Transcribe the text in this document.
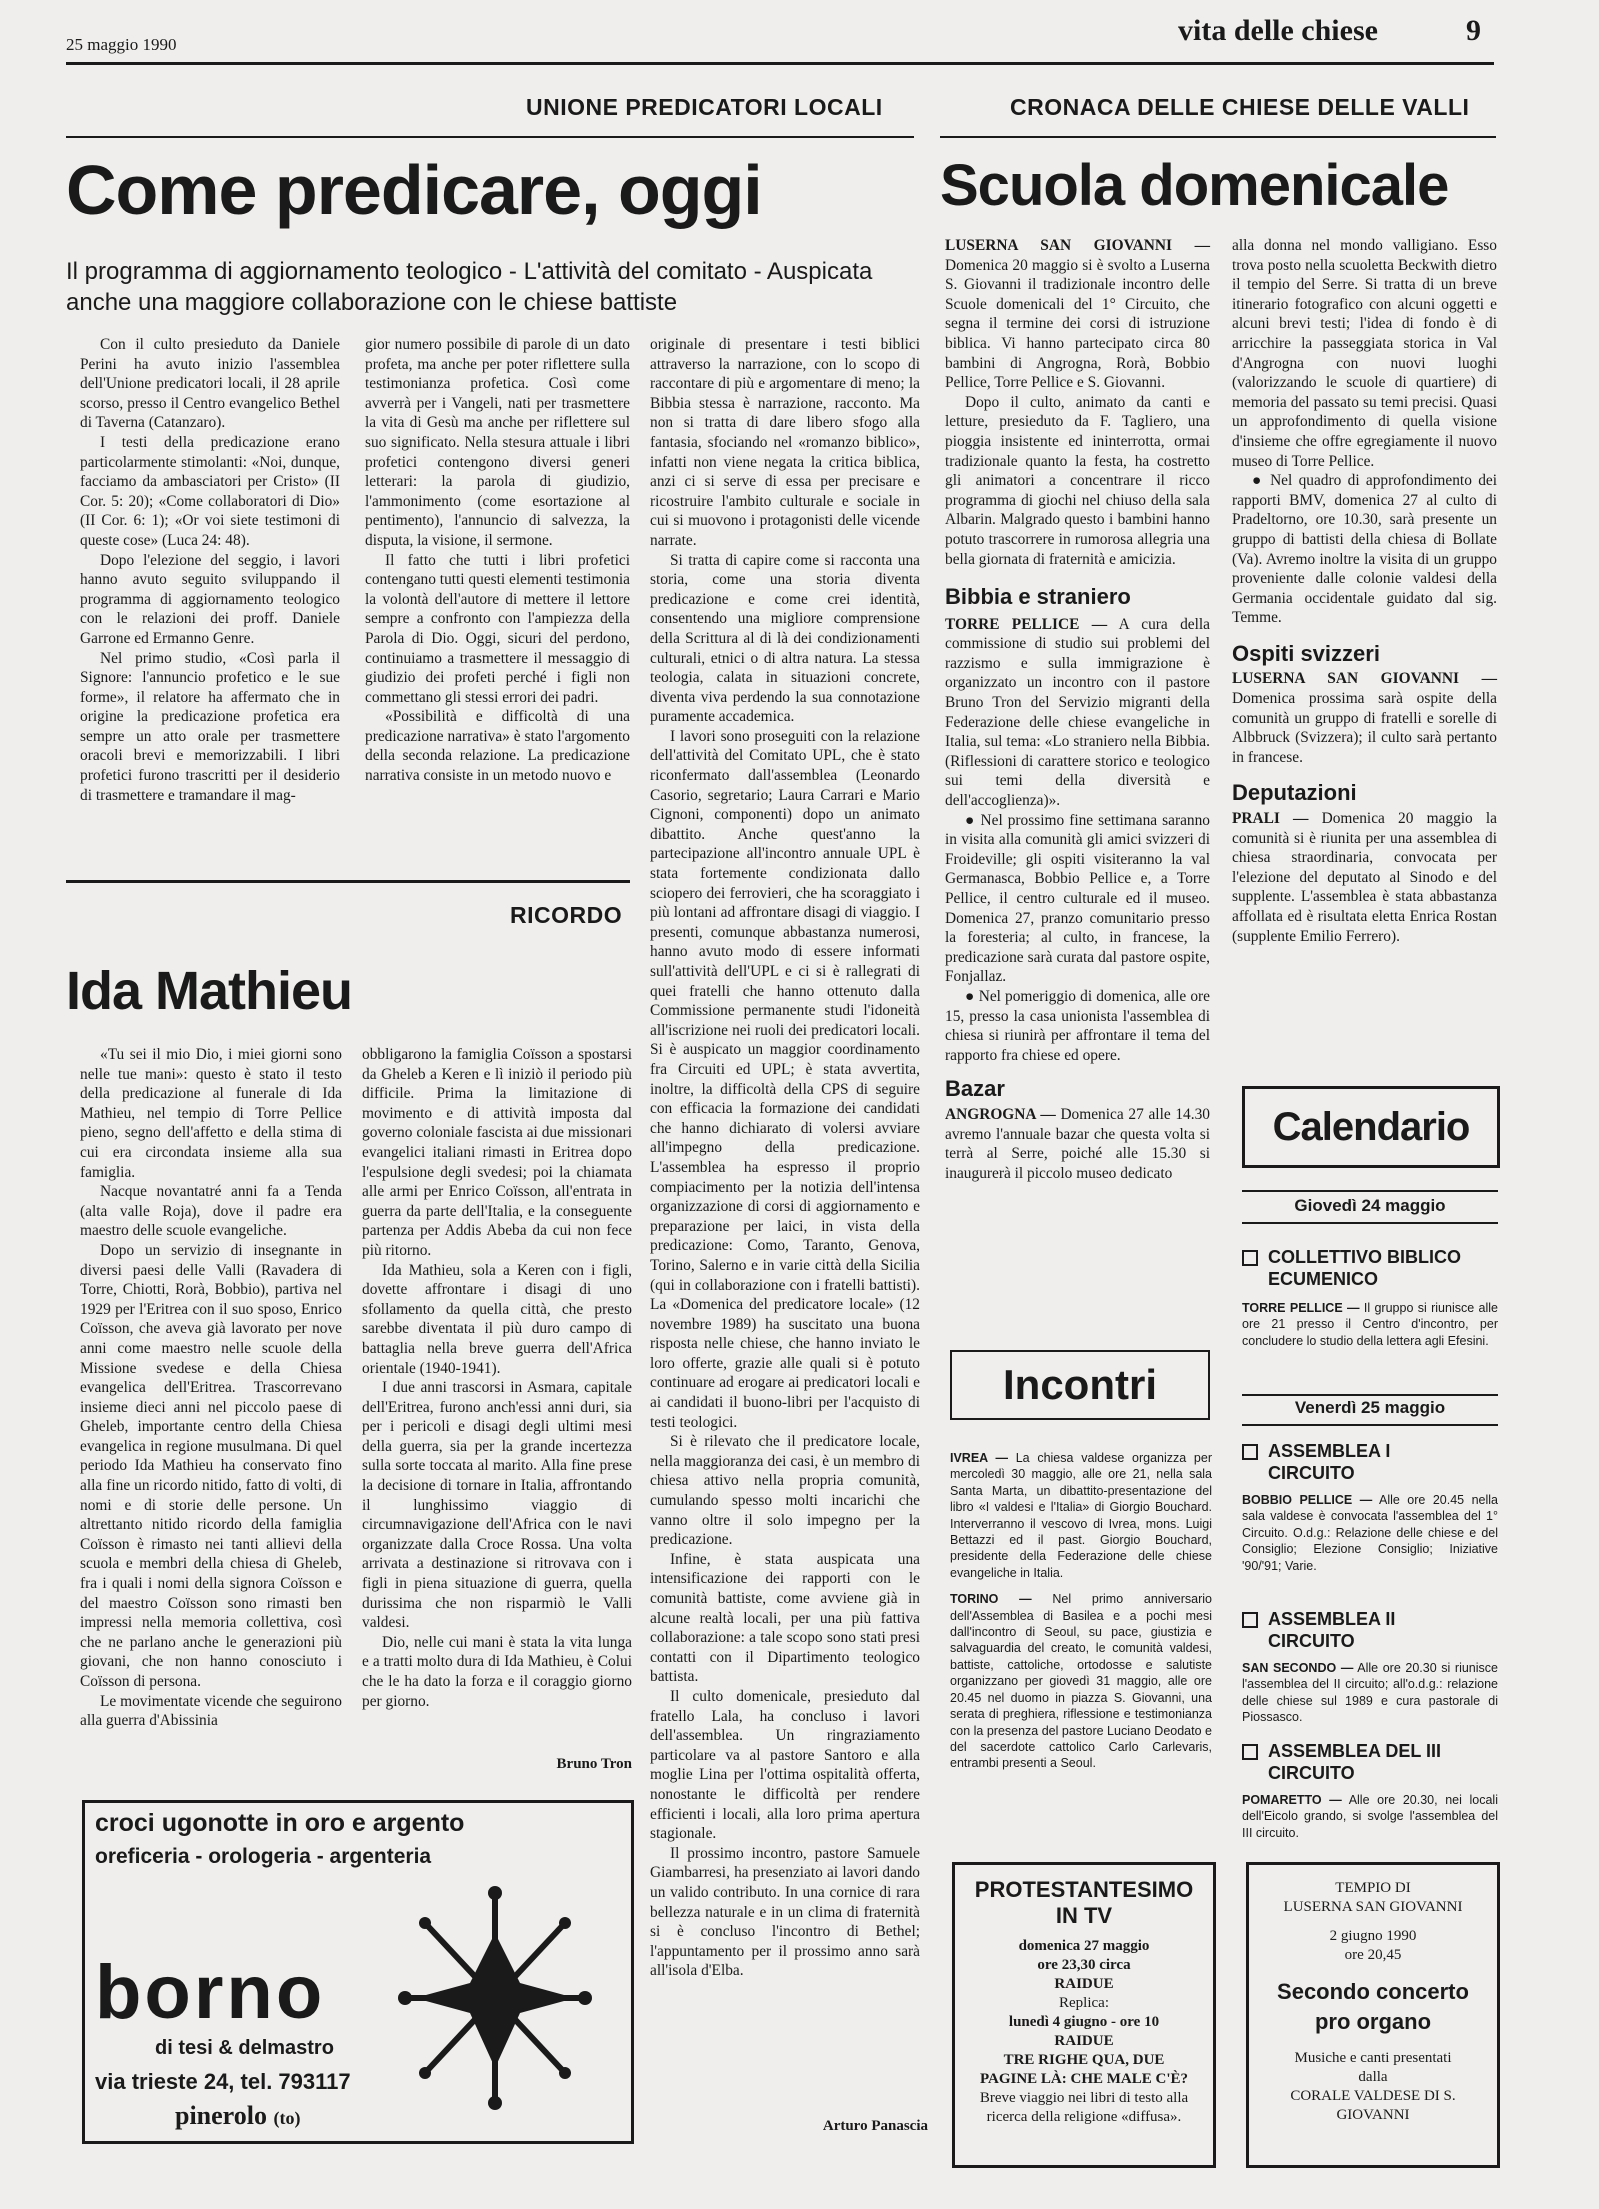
25 maggio 1990	vita delle chiese	9
UNIONE PREDICATORI LOCALI
Come predicare, oggi
Il programma di aggiornamento teologico - L'attività del comitato - Auspicata anche una maggiore collaborazione con le chiese battiste

Con il culto presieduto da Daniele Perini ha avuto inizio l'assemblea dell'Unione predicatori locali, il 28 aprile scorso, presso il Centro evangelico Bethel di Taverna (Catanzaro).

I testi della predicazione erano particolarmente stimolanti: «Noi, dunque, facciamo da ambasciatori per Cristo» (II Cor. 5: 20); «Come collaboratori di Dio» (II Cor. 6: 1); «Or voi siete testimoni di queste cose» (Luca 24: 48).

Dopo l'elezione del seggio, i lavori hanno avuto seguito sviluppando il programma di aggiornamento teologico con le relazioni dei proff. Daniele Garrone ed Ermanno Genre.

Nel primo studio, «Così parla il Signore: l'annuncio profetico e le sue forme», il relatore ha affermato che in origine la predicazione profetica era sempre un atto orale per trasmettere oracoli brevi e memorizzabili. I libri profetici furono trascritti per il desiderio di trasmettere e tramandare il mag-

gior numero possibile di parole di un dato profeta, ma anche per poter riflettere sulla testimonianza profetica. Così come avverrà per i Vangeli, nati per trasmettere la vita di Gesù ma anche per riflettere sul suo significato. Nella stesura attuale i libri profetici contengono diversi generi letterari: la parola di giudizio, l'ammonimento (come esortazione al pentimento), l'annuncio di salvezza, la disputa, la visione, il sermone.

Il fatto che tutti i libri profetici contengano tutti questi elementi testimonia la volontà dell'autore di mettere il lettore sempre a confronto con l'ampiezza della Parola di Dio. Oggi, sicuri del perdono, continuiamo a trasmettere il messaggio di giudizio dei profeti perché i figli non commettano gli stessi errori dei padri.

«Possibilità e difficoltà di una predicazione narrativa» è stato l'argomento della seconda relazione. La predicazione narrativa consiste in un metodo nuovo e

originale di presentare i testi biblici attraverso la narrazione, con lo scopo di raccontare di più e argomentare di meno; la Bibbia stessa è narrazione, racconto. Ma non si tratta di dare libero sfogo alla fantasia, sfociando nel «romanzo biblico», infatti non viene negata la critica biblica, anzi ci si serve di essa per precisare e ricostruire l'ambito culturale e sociale in cui si muovono i protagonisti delle vicende narrate.

Si tratta di capire come si racconta una storia, come una storia diventa predicazione e come crei identità, consentendo una migliore comprensione della Scrittura al di là dei condizionamenti culturali, etnici o di altra natura. La stessa teologia, calata in situazioni concrete, diventa viva perdendo la sua connotazione puramente accademica.

I lavori sono proseguiti con la relazione dell'attività del Comitato UPL, che è stato riconfermato dall'assemblea (Leonardo Casorio, segretario; Laura Carrari e Mario Cignoni, componenti) dopo un animato dibattito. Anche quest'anno la partecipazione all'incontro annuale UPL è stata fortemente condizionata dallo sciopero dei ferrovieri, che ha scoraggiato i più lontani ad affrontare disagi di viaggio. I presenti, comunque abbastanza numerosi, hanno avuto modo di essere informati sull'attività dell'UPL e ci si è rallegrati di quei fratelli che hanno ottenuto dalla Commissione permanente studi l'idoneità all'iscrizione nei ruoli dei predicatori locali. Si è auspicato un maggior coordinamento fra Circuiti ed UPL; è stata avvertita, inoltre, la difficoltà della CPS di seguire con efficacia la formazione dei candidati che hanno dichiarato di volersi avviare all'impegno della predicazione. L'assemblea ha espresso il proprio compiacimento per la notizia dell'intensa organizzazione di corsi di aggiornamento e preparazione per laici, in vista della predicazione: Como, Taranto, Genova, Torino, Salerno e in varie città della Sicilia (qui in collaborazione con i fratelli battisti). La «Domenica del predicatore locale» (12 novembre 1989) ha suscitato una buona risposta nelle chiese, che hanno inviato le loro offerte, grazie alle quali si è potuto continuare ad erogare ai predicatori locali e ai candidati il buono-libri per l'acquisto di testi teologici.

Si è rilevato che il predicatore locale, nella maggioranza dei casi, è un membro di chiesa attivo nella propria comunità, cumulando spesso molti incarichi che vanno oltre il solo impegno per la predicazione.

Infine, è stata auspicata una intensificazione dei rapporti con le comunità battiste, come avviene già in alcune realtà locali, per una più fattiva collaborazione: a tale scopo sono stati presi contatti con il Dipartimento teologico battista.

Il culto domenicale, presieduto dal fratello Lala, ha concluso i lavori dell'assemblea. Un ringraziamento particolare va al pastore Santoro e alla moglie Lina per l'ottima ospitalità offerta, nonostante le difficoltà per rendere efficienti i locali, alla loro prima apertura stagionale.

Il prossimo incontro, pastore Samuele Giambarresi, ha presenziato ai lavori dando un valido contributo. In una cornice di rara bellezza naturale e in un clima di fraternità si è concluso l'incontro di Bethel; l'appuntamento per il prossimo anno sarà all'isola d'Elba.

Arturo Panascia
RICORDO
Ida Mathieu

«Tu sei il mio Dio, i miei giorni sono nelle tue mani»: questo è stato il testo della predicazione al funerale di Ida Mathieu, nel tempio di Torre Pellice pieno, segno dell'affetto e della stima di cui era circondata insieme alla sua famiglia.

Nacque novantatré anni fa a Tenda (alta valle Roja), dove il padre era maestro delle scuole evangeliche.

Dopo un servizio di insegnante in diversi paesi delle Valli (Ravadera di Torre, Chiotti, Rorà, Bobbio), partiva nel 1929 per l'Eritrea con il suo sposo, Enrico Coïsson, che aveva già lavorato per nove anni come maestro nelle scuole della Missione svedese e della Chiesa evangelica dell'Eritrea. Trascorrevano insieme dieci anni nel piccolo paese di Gheleb, importante centro della Chiesa evangelica in regione musulmana. Di quel periodo Ida Mathieu ha conservato fino alla fine un ricordo nitido, fatto di volti, di nomi e di storie delle persone. Un altrettanto nitido ricordo della famiglia Coïsson è rimasto nei tanti allievi della scuola e membri della chiesa di Gheleb, fra i quali i nomi della signora Coïsson e del maestro Coïsson sono rimasti ben impressi nella memoria collettiva, così che ne parlano anche le generazioni più giovani, che non hanno conosciuto i Coïsson di persona.

Le movimentate vicende che seguirono alla guerra d'Abissinia

obbligarono la famiglia Coïsson a spostarsi da Gheleb a Keren e lì iniziò il periodo più difficile. Prima la limitazione di movimento e di attività imposta dal governo coloniale fascista ai due missionari evangelici italiani rimasti in Eritrea dopo l'espulsione degli svedesi; poi la chiamata alle armi per Enrico Coïsson, all'entrata in guerra da parte dell'Italia, e la conseguente partenza per Addis Abeba da cui non fece più ritorno.

Ida Mathieu, sola a Keren con i figli, dovette affrontare i disagi di uno sfollamento da quella città, che presto sarebbe diventata il più duro campo di battaglia nella breve guerra dell'Africa orientale (1940-1941).

I due anni trascorsi in Asmara, capitale dell'Eritrea, furono anch'essi anni duri, sia per i pericoli e disagi degli ultimi mesi della guerra, sia per la grande incertezza sulla sorte toccata al marito. Alla fine prese la decisione di tornare in Italia, affrontando il lunghissimo viaggio di circumnavigazione dell'Africa con le navi organizzate dalla Croce Rossa. Una volta arrivata a destinazione si ritrovava con i figli in piena situazione di guerra, quella durissima che non risparmiò le Valli valdesi.

Dio, nelle cui mani è stata la vita lunga e a tratti molto dura di Ida Mathieu, è Colui che le ha dato la forza e il coraggio giorno per giorno.

Bruno Tron
croci ugonotte in oro e argento
oreficeria - orologeria - argenteria
borno
di tesi & delmastro
via trieste 24, tel. 793117
pinerolo (to)
CRONACA DELLE CHIESE DELLE VALLI
Scuola domenicale

LUSERNA SAN GIOVANNI — Domenica 20 maggio si è svolto a Luserna S. Giovanni il tradizionale incontro delle Scuole domenicali del 1° Circuito, che segna il termine dei corsi di istruzione biblica. Vi hanno partecipato circa 80 bambini di Angrogna, Rorà, Bobbio Pellice, Torre Pellice e S. Giovanni.

Dopo il culto, animato da canti e letture, presieduto da F. Tagliero, una pioggia insistente ed ininterrotta, ormai tradizionale quanto la festa, ha costretto gli animatori a concentrare il ricco programma di giochi nel chiuso della sala Albarin. Malgrado questo i bambini hanno potuto trascorrere in rumorosa allegria una bella giornata di fraternità e amicizia.

Bibbia e straniero

TORRE PELLICE — A cura della commissione di studio sui problemi del razzismo e sulla immigrazione è organizzato un incontro con il pastore Bruno Tron del Servizio migranti della Federazione delle chiese evangeliche in Italia, sul tema: «Lo straniero nella Bibbia. (Riflessioni di carattere storico e teologico sui temi della diversità e dell'accoglienza)».

● Nel prossimo fine settimana saranno in visita alla comunità gli amici svizzeri di Froideville; gli ospiti visiteranno la val Germanasca, Bobbio Pellice e, a Torre Pellice, il centro culturale ed il museo. Domenica 27, pranzo comunitario presso la foresteria; al culto, in francese, la predicazione sarà curata dal pastore ospite, Fonjallaz.

● Nel pomeriggio di domenica, alle ore 15, presso la casa unionista l'assemblea di chiesa si riunirà per affrontare il tema del rapporto fra chiese ed opere.

Bazar

ANGROGNA — Domenica 27 alle 14.30 avremo l'annuale bazar che questa volta si terrà al Serre, poiché alle 15.30 si inaugurerà il piccolo museo dedicato

alla donna nel mondo valligiano. Esso trova posto nella scuoletta Beckwith dietro il tempio del Serre. Si tratta di un breve itinerario fotografico con alcuni oggetti e alcuni brevi testi; l'idea di fondo è di arricchire la passeggiata storica in Val d'Angrogna con nuovi luoghi (valorizzando le scuole di quartiere) di memoria del passato su temi precisi. Quasi un approfondimento di quella visione d'insieme che offre egregiamente il nuovo museo di Torre Pellice.

● Nel quadro di approfondimento dei rapporti BMV, domenica 27 al culto di Pradeltorno, ore 10.30, sarà presente un gruppo di battisti della chiesa di Bollate (Va). Avremo inoltre la visita di un gruppo proveniente dalle colonie valdesi della Germania occidentale guidato dal sig. Temme.

Ospiti svizzeri

LUSERNA SAN GIOVANNI — Domenica prossima sarà ospite della comunità un gruppo di fratelli e sorelle di Albbruck (Svizzera); il culto sarà pertanto in francese.

Deputazioni

PRALI — Domenica 20 maggio la comunità si è riunita per una assemblea di chiesa straordinaria, convocata per l'elezione del deputato al Sinodo e del supplente. L'assemblea è stata abbastanza affollata ed è risultata eletta Enrica Rostan (supplente Emilio Ferrero).

Incontri

IVREA — La chiesa valdese organizza per mercoledì 30 maggio, alle ore 21, nella sala Santa Marta, un dibattito-presentazione del libro «I valdesi e l'Italia» di Giorgio Bouchard. Interverranno il vescovo di Ivrea, mons. Luigi Bettazzi ed il past. Giorgio Bouchard, presidente della Federazione delle chiese evangeliche in Italia.

TORINO — Nel primo anniversario dell'Assemblea di Basilea e a pochi mesi dall'incontro di Seoul, su pace, giustizia e salvaguardia del creato, le comunità valdesi, battiste, cattoliche, ortodosse e salutiste organizzano per giovedì 31 maggio, alle ore 20.45 nel duomo in piazza S. Giovanni, una serata di preghiera, riflessione e testimonianza con la presenza del pastore Luciano Deodato e del sacerdote cattolico Carlo Carlevaris, entrambi presenti a Seoul.

Calendario
Giovedì 24 maggio
COLLETTIVO BIBLICO ECUMENICO
TORRE PELLICE — Il gruppo si riunisce alle ore 21 presso il Centro d'incontro, per concludere lo studio della lettera agli Efesini.
Venerdì 25 maggio
ASSEMBLEA I CIRCUITO
BOBBIO PELLICE — Alle ore 20.45 nella sala valdese è convocata l'assemblea del 1° Circuito. O.d.g.: Relazione delle chiese e del Consiglio; Elezione Consiglio; Iniziative '90/'91; Varie.
ASSEMBLEA II CIRCUITO
SAN SECONDO — Alle ore 20.30 si riunisce l'assemblea del II circuito; all'o.d.g.: relazione delle chiese sul 1989 e cura pastorale di Piossasco.
ASSEMBLEA DEL III CIRCUITO
POMARETTO — Alle ore 20.30, nei locali dell'Eicolo grando, si svolge l'assemblea del III circuito.
PROTESTANTESIMO IN TV
domenica 27 maggio
ore 23,30 circa
RAIDUE
Replica:
lunedì 4 giugno - ore 10
RAIDUE
TRE RIGHE QUA, DUE PAGINE LÀ: CHE MALE C'È?
Breve viaggio nei libri di testo alla ricerca della religione «diffusa».
TEMPIO DI
LUSERNA SAN GIOVANNI
2 giugno 1990
ore 20,45
Secondo concerto pro organo
Musiche e canti presentati dalla
CORALE VALDESE DI S. GIOVANNI
